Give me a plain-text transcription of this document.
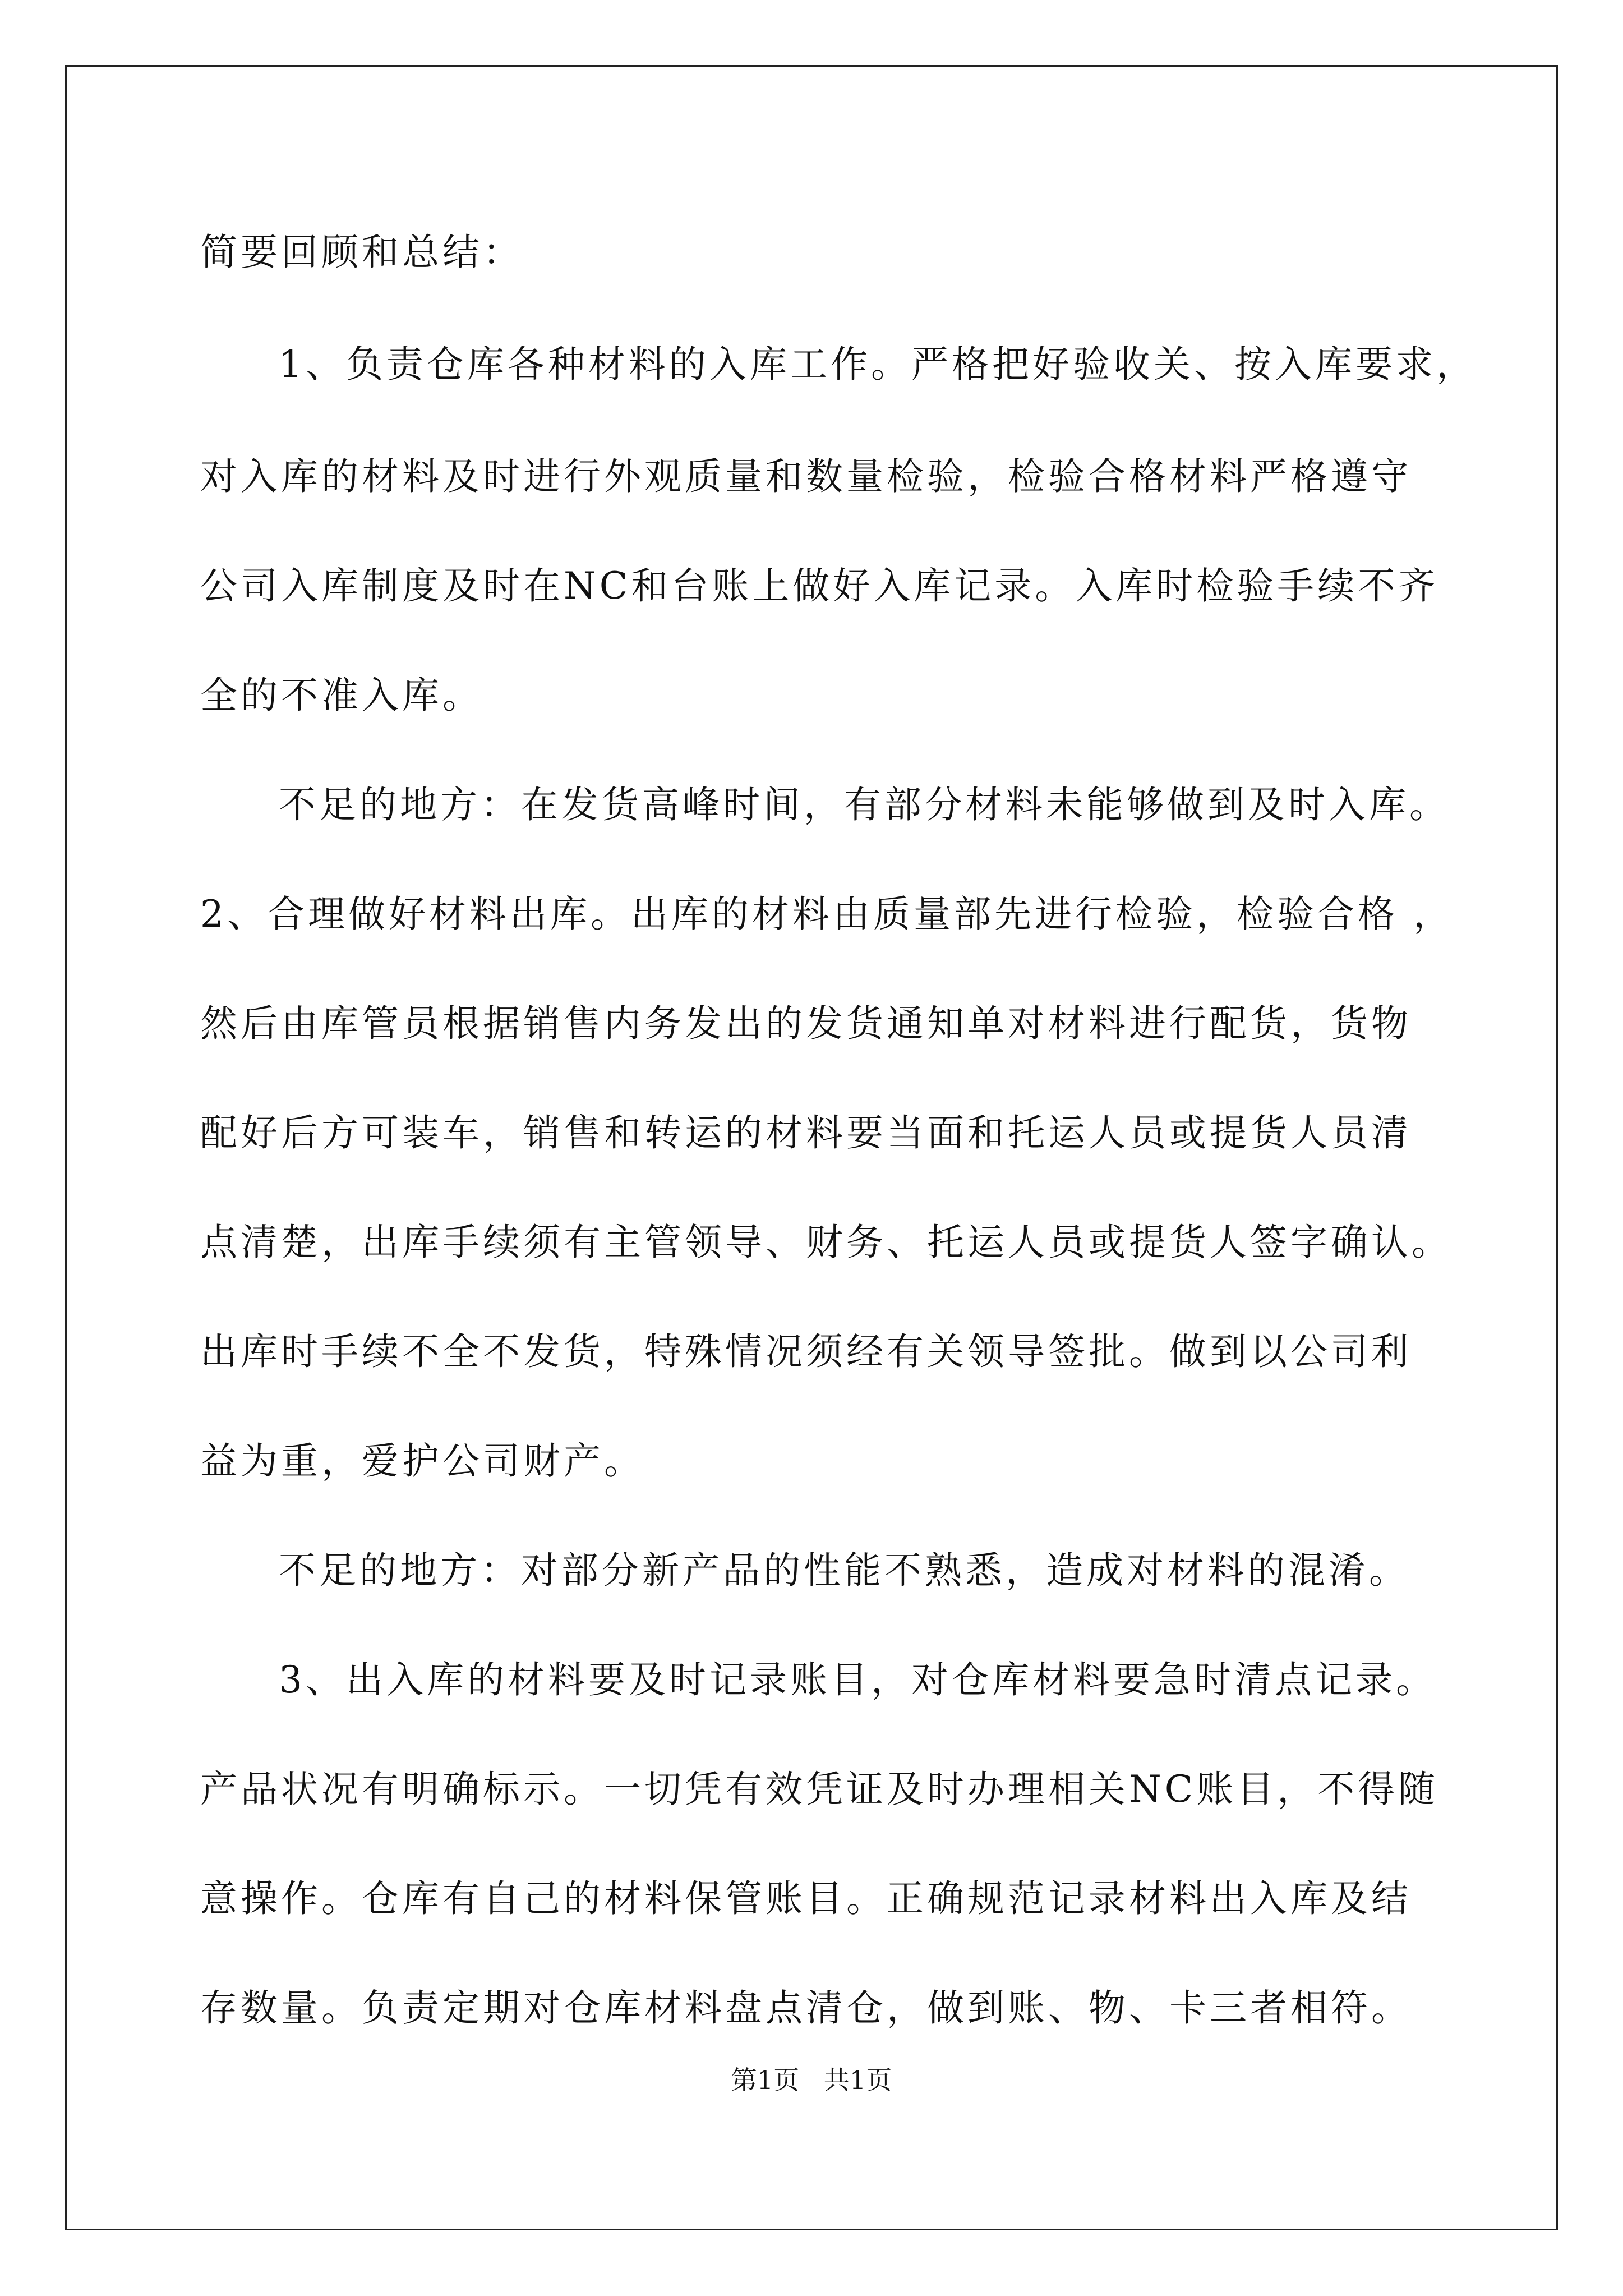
简要回顾和总结：
1、负责仓库各种材料的入库工作。严格把好验收关、按入库要求，
对入库的材料及时进行外观质量和数量检验，检验合格材料严格遵守
公司入库制度及时在NC和台账上做好入库记录。入库时检验手续不齐
全的不准入库。
不足的地方：在发货高峰时间，有部分材料未能够做到及时入库。
2、合理做好材料出库。出库的材料由质量部先进行检验，检验合格 ，
然后由库管员根据销售内务发出的发货通知单对材料进行配货，货物
配好后方可装车，销售和转运的材料要当面和托运人员或提货人员清
点清楚，出库手续须有主管领导、财务、托运人员或提货人签字确认。
出库时手续不全不发货，特殊情况须经有关领导签批。做到以公司利
益为重，爱护公司财产。
不足的地方：对部分新产品的性能不熟悉，造成对材料的混淆。
3、出入库的材料要及时记录账目，对仓库材料要急时清点记录。
产品状况有明确标示。一切凭有效凭证及时办理相关NC账目，不得随
意操作。仓库有自己的材料保管账目。正确规范记录材料出入库及结
存数量。负责定期对仓库材料盘点清仓，做到账、物、卡三者相符。
第1页   共1页
